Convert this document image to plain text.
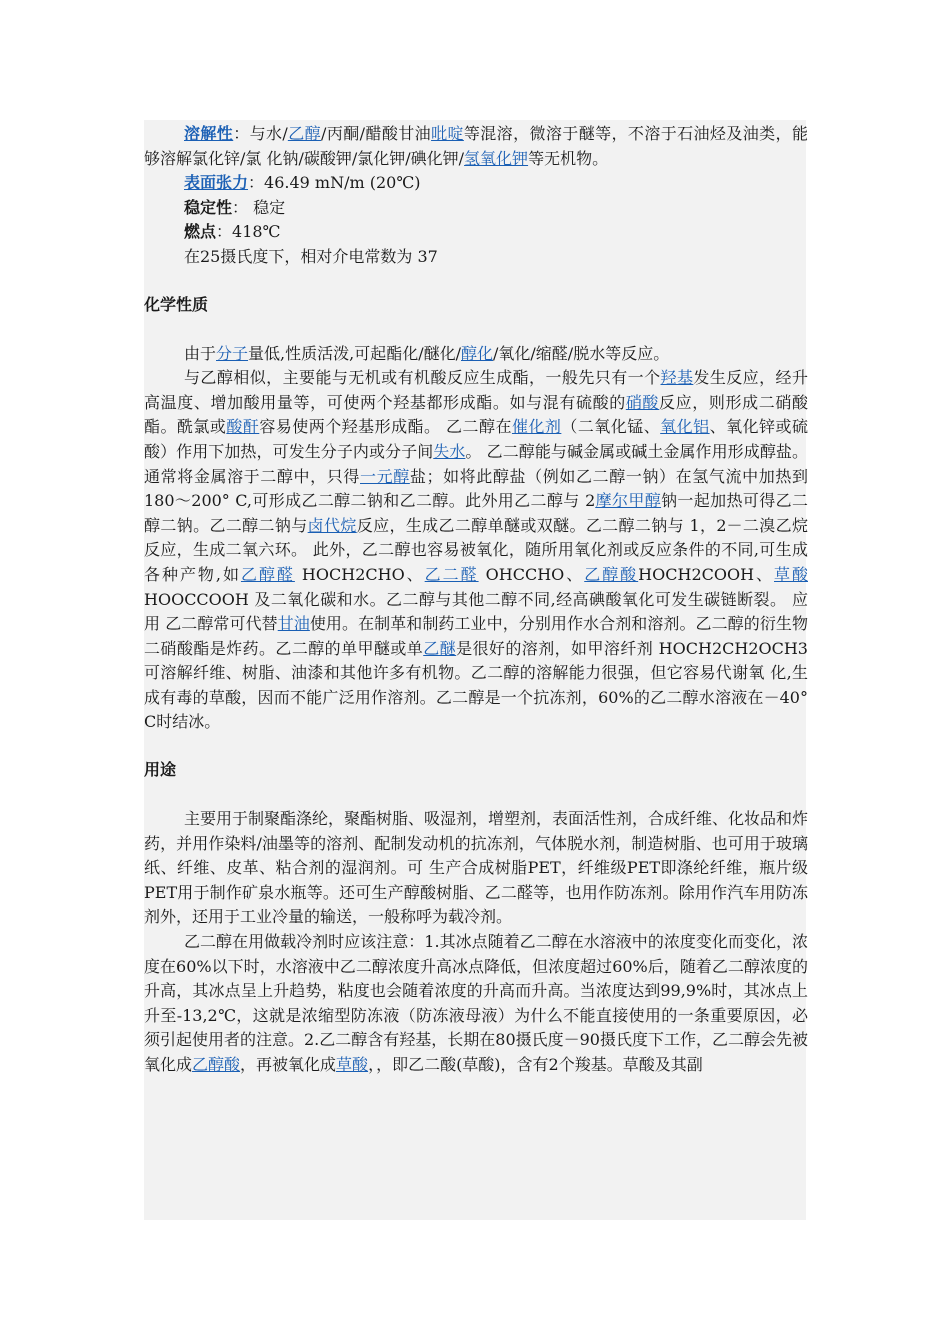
溶解性：与水/乙醇/丙酮/醋酸甘油吡啶等混溶，微溶于醚等，不溶于石油烃及油类，能够溶解氯化锌/氯 化钠/碳酸钾/氯化钾/碘化钾/氢氧化钾等无机物。

表面张力：46.49 mN/m (20℃)

稳定性： 稳定

燃点：418℃

在25摄氏度下，相对介电常数为 37

化学性质

由于分子量低,性质活泼,可起酯化/醚化/醇化/氧化/缩醛/脱水等反应。

与乙醇相似，主要能与无机或有机酸反应生成酯，一般先只有一个羟基发生反应，经升高温度、增加酸用量等，可使两个羟基都形成酯。如与混有硫酸的硝酸反应，则形成二硝酸酯。酰氯或酸酐容易使两个羟基形成酯。 乙二醇在催化剂（二氧化锰、氧化铝、氧化锌或硫酸）作用下加热，可发生分子内或分子间失水。 乙二醇能与碱金属或碱土金属作用形成醇盐。通常将金属溶于二醇中，只得一元醇盐；如将此醇盐（例如乙二醇一钠）在氢气流中加热到 180～200° C,可形成乙二醇二钠和乙二醇。此外用乙二醇与 2摩尔甲醇钠一起加热可得乙二醇二钠。乙二醇二钠与卤代烷反应，生成乙二醇单醚或双醚。乙二醇二钠与 1，2－二溴乙烷反应，生成二氧六环。 此外，乙二醇也容易被氧化，随所用氧化剂或反应条件的不同,可生成各种产物,如乙醇醛 HOCH2CHO、乙二醛 OHCCHO、乙醇酸HOCH2COOH、草酸HOOCCOOH 及二氧化碳和水。乙二醇与其他二醇不同,经高碘酸氧化可发生碳链断裂。 应用 乙二醇常可代替甘油使用。在制革和制药工业中，分别用作水合剂和溶剂。乙二醇的衍生物二硝酸酯是炸药。乙二醇的单甲醚或单乙醚是很好的溶剂，如甲溶纤剂 HOCH2CH2OCH3 可溶解纤维、树脂、油漆和其他许多有机物。乙二醇的溶解能力很强，但它容易代谢氧 化,生成有毒的草酸，因而不能广泛用作溶剂。乙二醇是一个抗冻剂，60%的乙二醇水溶液在－40° C时结冰。

用途

主要用于制聚酯涤纶，聚酯树脂、吸湿剂，增塑剂，表面活性剂，合成纤维、化妆品和炸药，并用作染料/油墨等的溶剂、配制发动机的抗冻剂，气体脱水剂，制造树脂、也可用于玻璃纸、纤维、皮革、粘合剂的湿润剂。可 生产合成树脂PET，纤维级PET即涤纶纤维，瓶片级PET用于制作矿泉水瓶等。还可生产醇酸树脂、乙二醛等，也用作防冻剂。除用作汽车用防冻剂外，还用于工业冷量的输送，一般称呼为载冷剂。

乙二醇在用做载冷剂时应该注意：1.其冰点随着乙二醇在水溶液中的浓度变化而变化，浓度在60%以下时，水溶液中乙二醇浓度升高冰点降低，但浓度超过60%后，随着乙二醇浓度的升高，其冰点呈上升趋势，粘度也会随着浓度的升高而升高。当浓度达到99,9%时，其冰点上升至-13,2℃，这就是浓缩型防冻液（防冻液母液）为什么不能直接使用的一条重要原因，必须引起使用者的注意。2.乙二醇含有羟基，长期在80摄氏度－90摄氏度下工作，乙二醇会先被氧化成乙醇酸，再被氧化成草酸，，即乙二酸(草酸)，含有2个羧基。草酸及其副
